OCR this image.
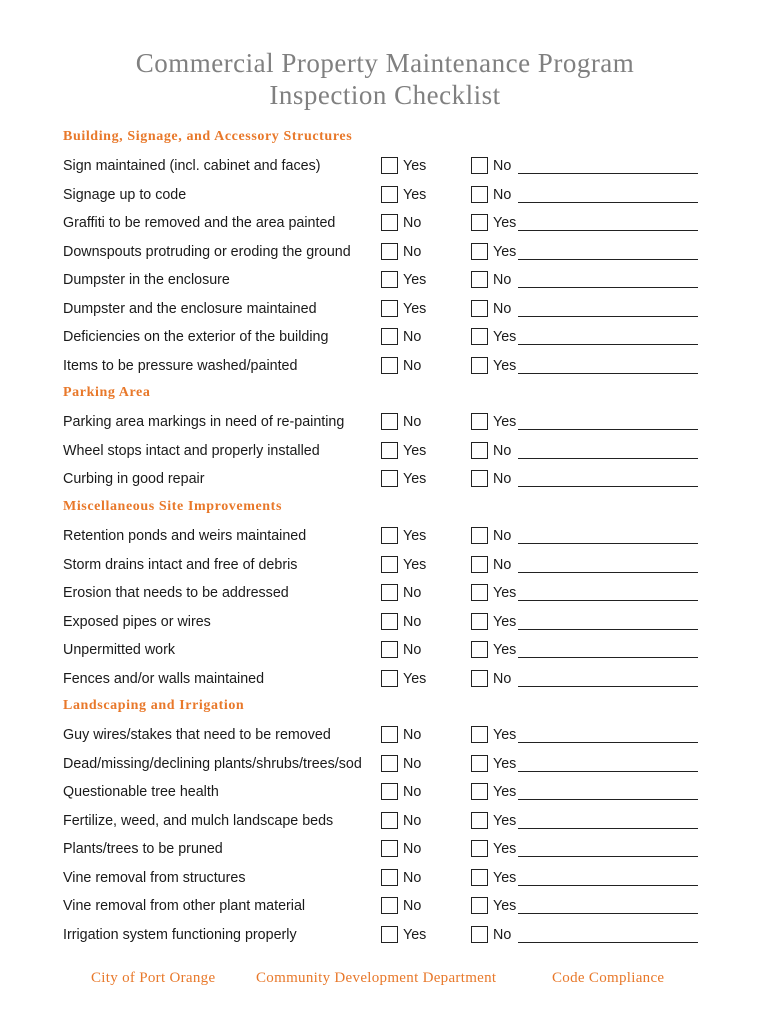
Commercial Property Maintenance Program
Inspection Checklist
Building, Signage, and Accessory Structures
Sign maintained (incl. cabinet and faces)	Yes	No
Signage up to code	Yes	No
Graffiti to be removed and the area painted	No	Yes
Downspouts protruding or eroding the ground	No	Yes
Dumpster in the enclosure	Yes	No
Dumpster and the enclosure maintained	Yes	No
Deficiencies on the exterior of the building	No	Yes
Items to be pressure washed/painted	No	Yes
Parking Area
Parking area markings in need of re-painting	No	Yes
Wheel stops intact and properly installed	Yes	No
Curbing in good repair	Yes	No
Miscellaneous Site Improvements
Retention ponds and weirs maintained	Yes	No
Storm drains intact and free of debris	Yes	No
Erosion that needs to be addressed	No	Yes
Exposed pipes or wires	No	Yes
Unpermitted work	No	Yes
Fences and/or walls maintained	Yes	No
Landscaping and Irrigation
Guy wires/stakes that need to be removed	No	Yes
Dead/missing/declining plants/shrubs/trees/sod	No	Yes
Questionable tree health	No	Yes
Fertilize, weed, and mulch landscape beds	No	Yes
Plants/trees to be pruned	No	Yes
Vine removal from structures	No	Yes
Vine removal from other plant material	No	Yes
Irrigation system functioning properly	Yes	No
City of Port Orange	Community Development Department	Code Compliance
